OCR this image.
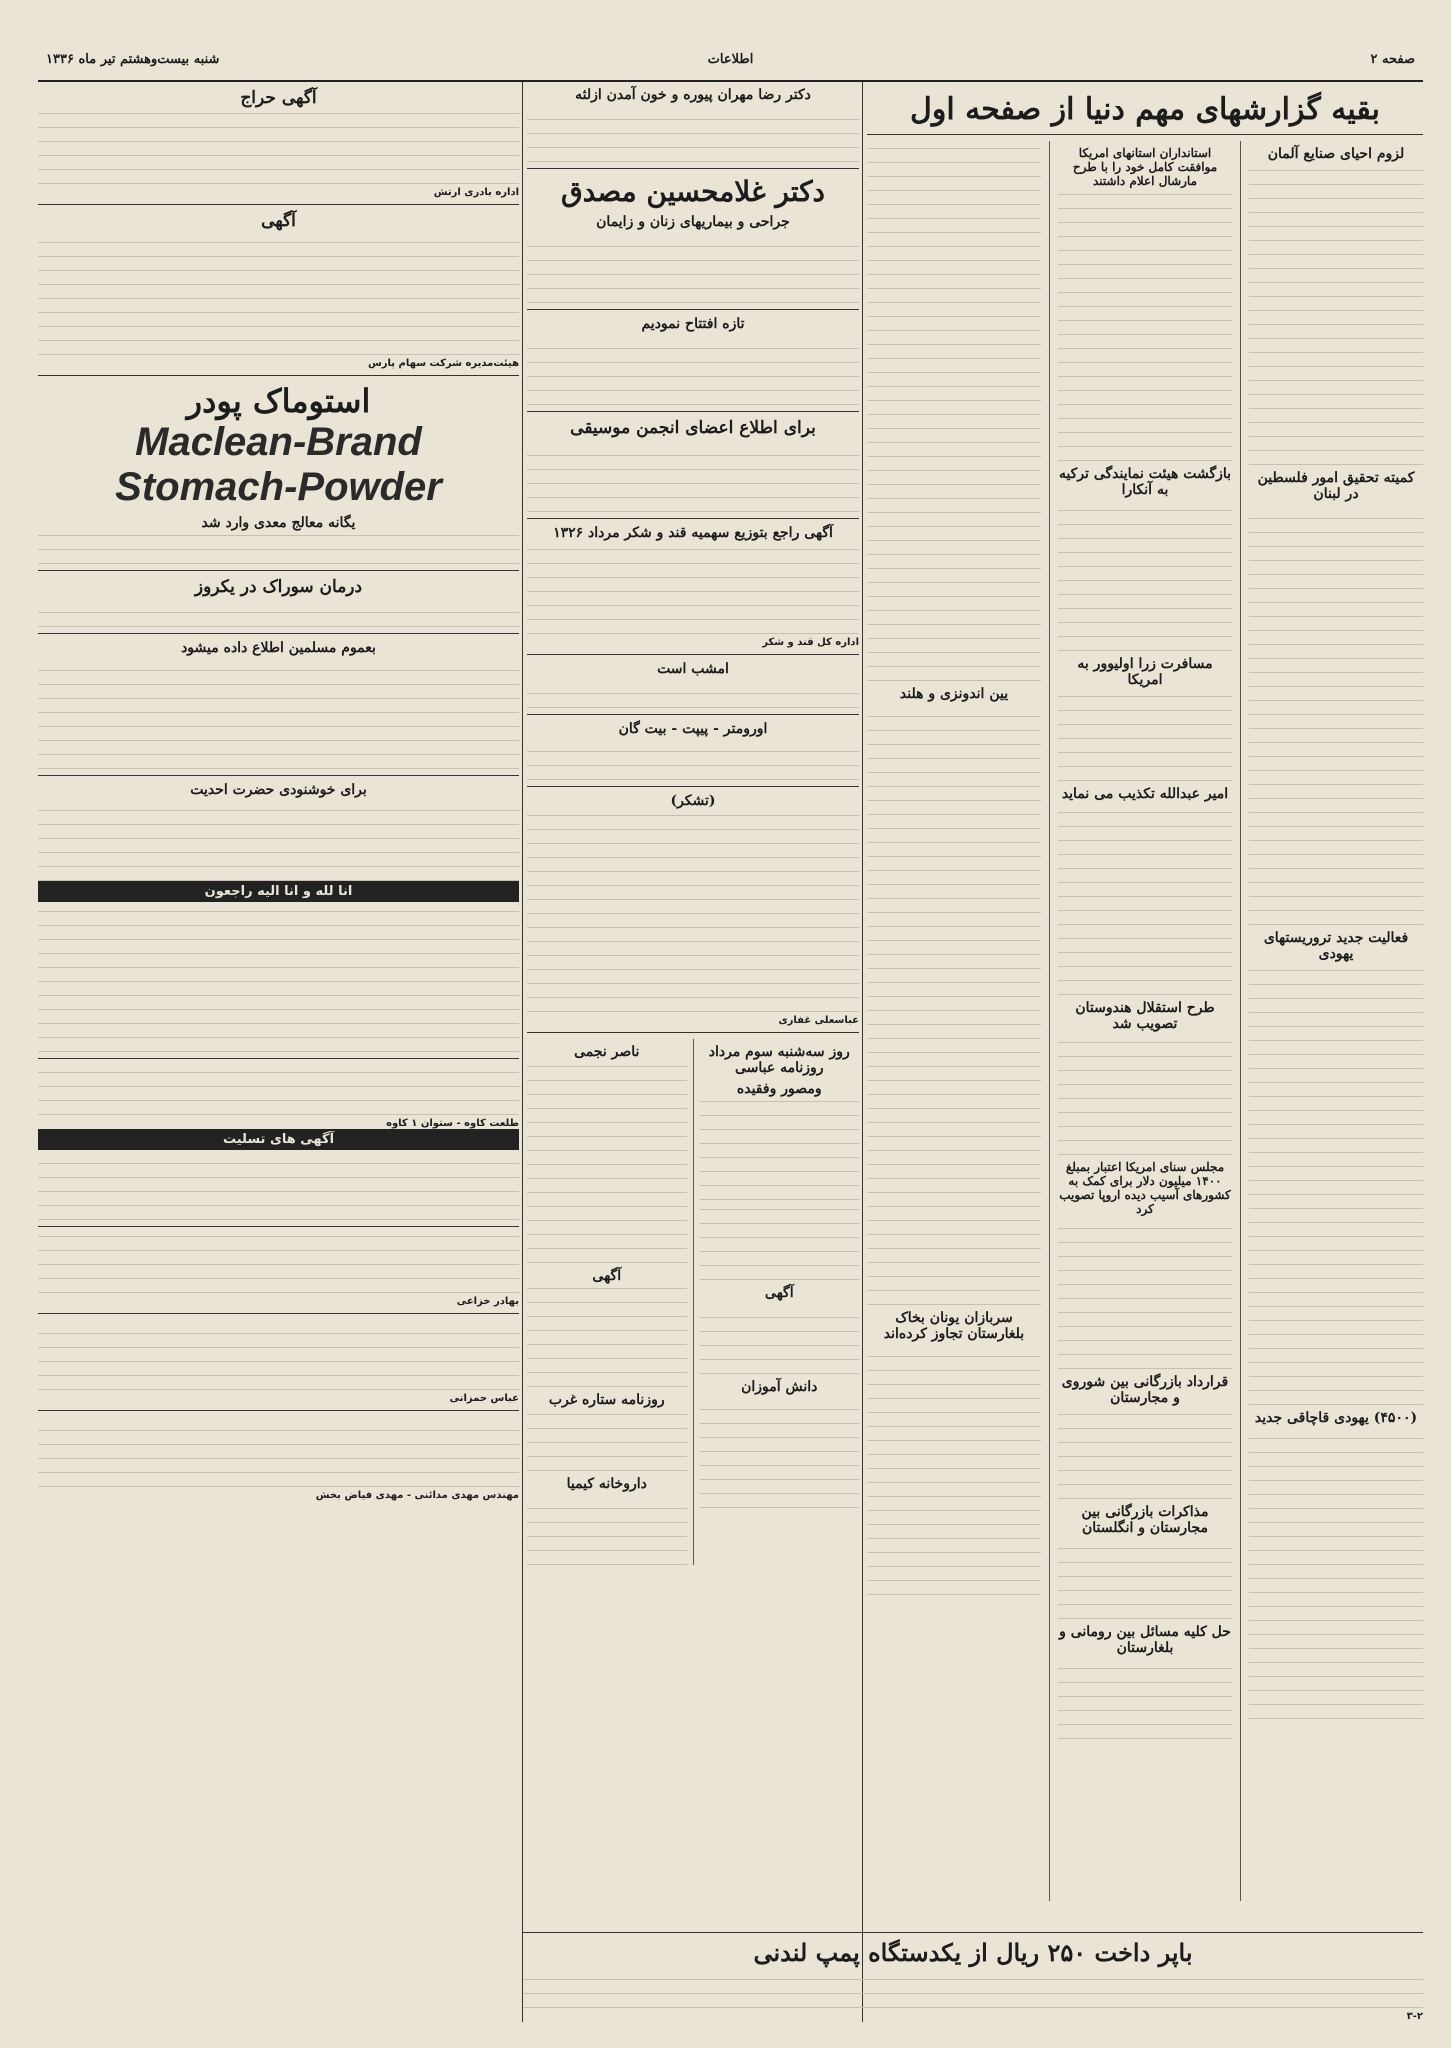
صفحه ۲
اطلاعات
شنبه بیست‌وهشتم تیر ماه ۱۳۳۶
بقیه گزارشهای مهم دنیا از صفحه اول
لزوم احیای صنایع آلمان
کمیته تحقیق امور فلسطین در لبنان
فعالیت جدید تروریستهای یهودی
(۴۵۰۰) یهودی قاچاقی جدید
استانداران استانهای امریکا موافقت کامل خود را با طرح مارشال اعلام داشتند
بازگشت هیئت نمایندگی ترکیه به آنکارا
مسافرت زرا اولیوور به امریکا
امیر عبدالله تکذیب می نماید
طرح استقلال هندوستان تصویب شد
مجلس سنای امریکا اعتبار بمبلغ ۱۴۰۰ میلیون دلار برای کمک به کشورهای آسیب دیده اروپا تصویب کرد
قرارداد بازرگانی بین شوروی و مجارستان
مذاکرات بازرگانی بین مجارستان و انگلستان
حل کلیه مسائل بین رومانی و بلغارستان
یین اندونزی و هلند
سربازان یونان بخاک بلغارستان تجاوز کرده‌اند
دکتر رضا مهران پیوره و خون آمدن ازلثه
دکتر غلامحسین مصدق
جراحی و بیماریهای زنان و زایمان
تازه افتتاح نمودیم
برای اطلاع اعضای انجمن موسیقی
آگهی راجع بتوزیع سهمیه قند و شکر مرداد ۱۳۲۶
اداره کل قند و شکر
امشب است
اورومتر - پیپت - بیت گان
(تشکر)
عباسعلی غفاری
روز سه‌شنبه سوم مرداد روزنامه عباسی
ومصور وفقیده
آگهی
دانش آموزان
ناصر نجمی
آگهی
روزنامه ستاره غرب
داروخانه کیمیا
آگهی حراج
اداره بادری ارتش
آگهی
هیئت‌مدیره شرکت سهام پارس
استوماک پودر
Maclean-Brand
Stomach-Powder
یگانه معالج معدی وارد شد
درمان سوراک در یکروز
بعموم مسلمین اطلاع داده میشود
برای خوشنودی حضرت احدیت
انا لله و انا الیه راجعون
طلعت کاوه - ستوان ۱ کاوه
آگهی های تسلیت
بهادر خزاعی
عباس حمزانی
مهندس مهدی مدائنی - مهدی فیاض بخش
باپر داخت ۲۵۰ ریال از یکدستگاه پمپ لندنی
۳-۲
